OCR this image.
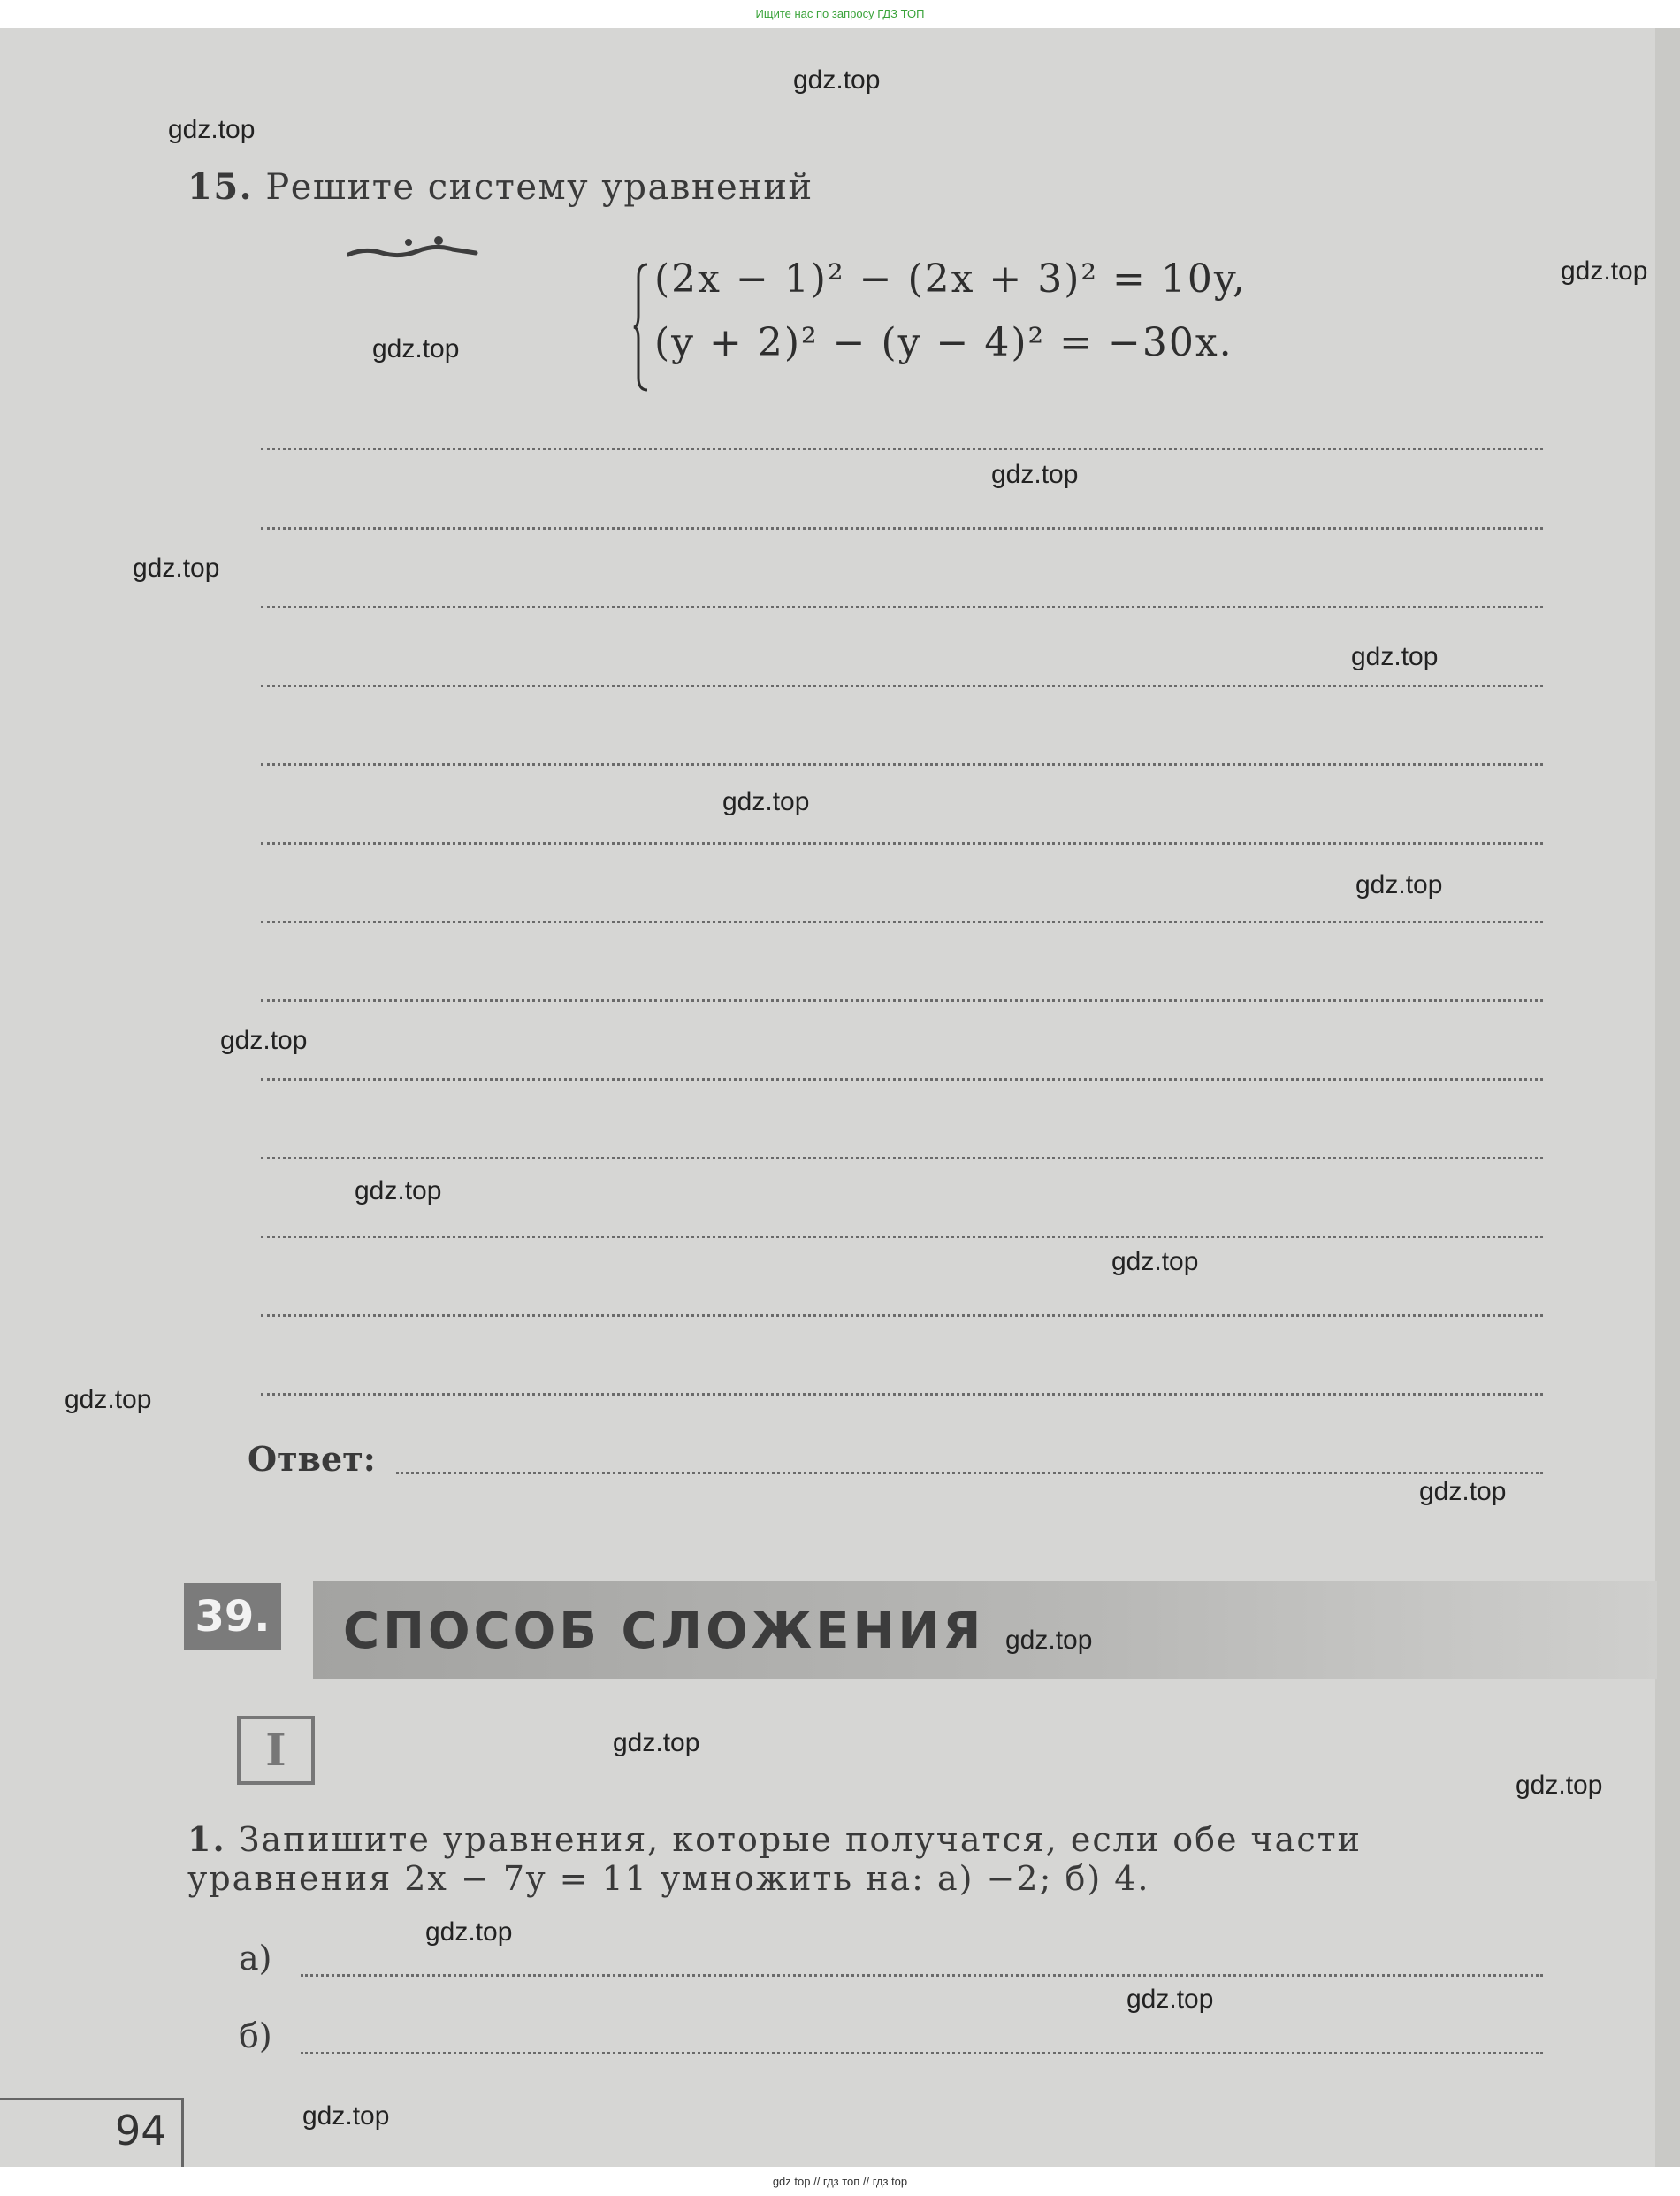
Ищите нас по запросу ГДЗ ТОП
15. Решите систему уравнений
(2x − 1)² − (2x + 3)² = 10y,
(y + 2)² − (y − 4)² = −30x.
Ответ:
39. СПОСОБ СЛОЖЕНИЯ
I
1. Запишите уравнения, которые получатся, если обе части уравнения 2x − 7y = 11 умножить на: а) −2; б) 4.
а)
б)
94
gdz.top
gdz.top
gdz.top
gdz.top
gdz.top
gdz.top
gdz.top
gdz.top
gdz.top
gdz.top
gdz.top
gdz.top
gdz.top
gdz.top
gdz.top
gdz.top
gdz.top
gdz.top
gdz.top
gdz.top
gdz top // гдз топ // гдз top
